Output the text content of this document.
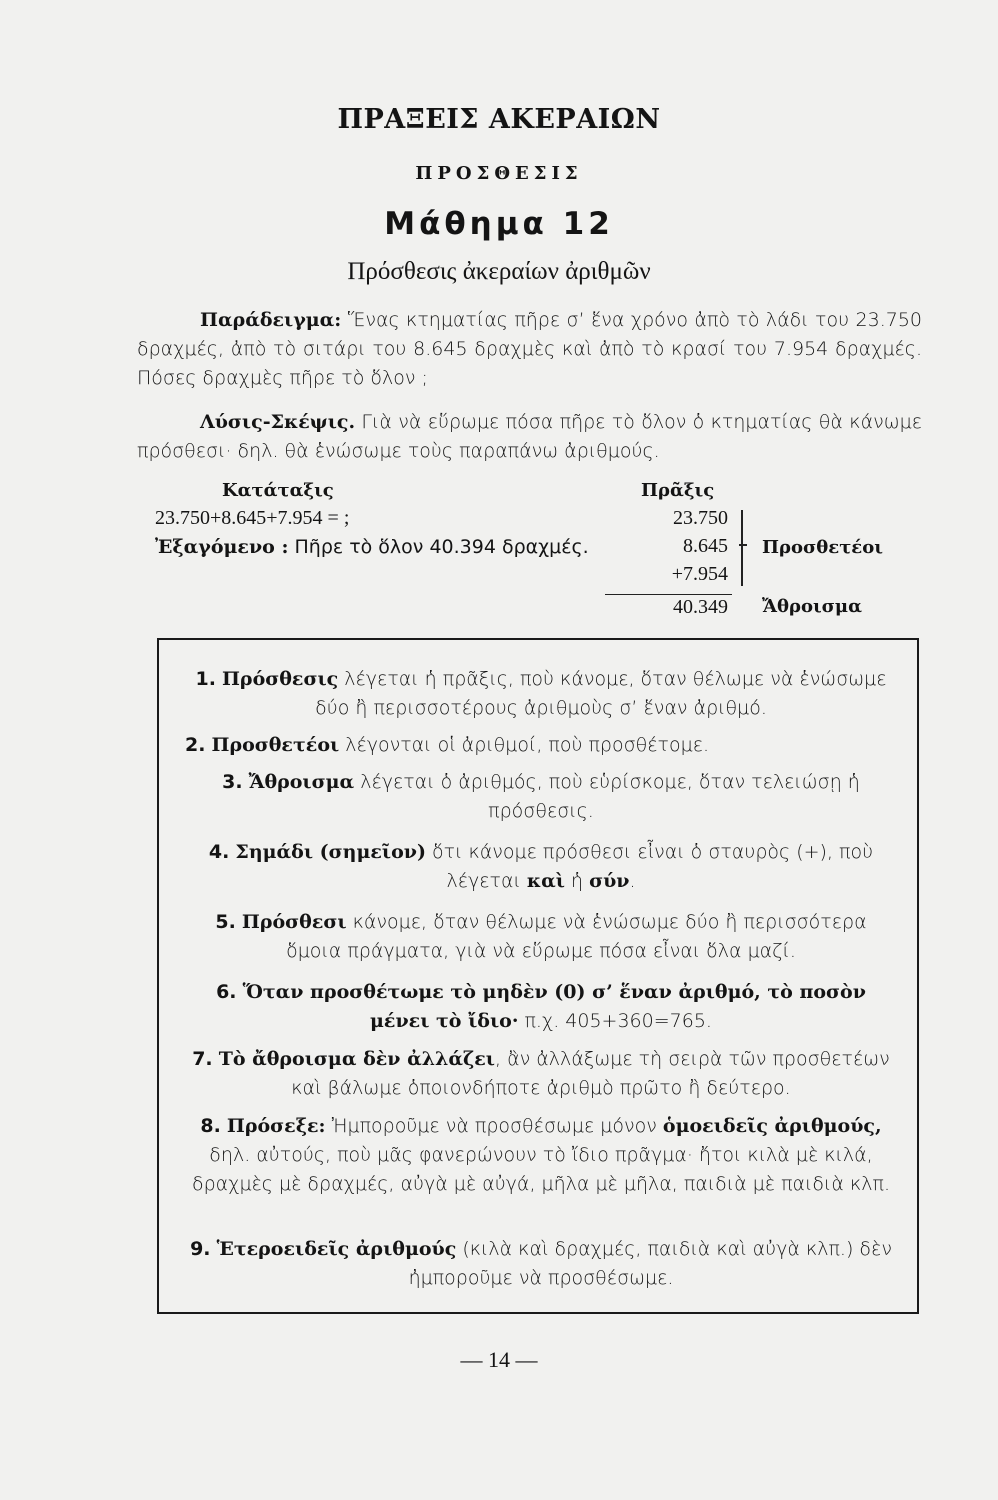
ΠΡΑΞΕΙΣ ΑΚΕΡΑΙΩΝ
ΠΡΟΣΘΕΣΙΣ
Μάθημα 12
Πρόσθεσις ἀκεραίων ἀριθμῶν
Παράδειγμα: Ἕνας κτηματίας πῆρε σ’ ἕνα χρόνο ἀπὸ τὸ λάδι του 23.750 δραχμές, ἀπὸ τὸ σιτάρι του 8.645 δραχμὲς καὶ ἀπὸ τὸ κρασί του 7.954 δραχμές. Πόσες δραχμὲς πῆρε τὸ ὅλον ;
Λύσις-Σκέψις. Γιὰ νὰ εὕρωμε πόσα πῆρε τὸ ὅλον ὁ κτηματίας θὰ κάνωμε πρόσθεσι· δηλ. θὰ ἑνώσωμε τοὺς παραπάνω ἀριθμούς.
Κατάταξις
23.750+8.645+7.954 = ;
Ἐξαγόμενο : Πῆρε τὸ ὅλον 40.394 δραχμές.
Πρᾶξις
23.750
8.645
+7.954
40.349
Προσθετέοι
Ἄθροισμα
1. Πρόσθεσις λέγεται ἡ πρᾶξις, ποὺ κάνομε, ὅταν θέλωμε νὰ ἑνώσωμε δύο ἢ περισσοτέρους ἀριθμοὺς σ’ ἕναν ἀριθμό.
2. Προσθετέοι λέγονται οἱ ἀριθμοί, ποὺ προσθέτομε.
3. Ἄθροισμα λέγεται ὁ ἀριθμός, ποὺ εὑρίσκομε, ὅταν τελειώσῃ ἡ πρόσθεσις.
4. Σημάδι (σημεῖον) ὅτι κάνομε πρόσθεσι εἶναι ὁ σταυρὸς (+), ποὺ λέγεται καὶ ἡ σύν.
5. Πρόσθεσι κάνομε, ὅταν θέλωμε νὰ ἑνώσωμε δύο ἢ περισσότερα ὅμοια πράγματα, γιὰ νὰ εὕρωμε πόσα εἶναι ὅλα μαζί.
6. Ὅταν προσθέτωμε τὸ μηδὲν (0) σ’ ἕναν ἀριθμό, τὸ ποσὸν μένει τὸ ἴδιο· π.χ. 405+360=765.
7. Τὸ ἄθροισμα δὲν ἀλλάζει, ἂν ἀλλάξωμε τὴ σειρὰ τῶν προσθετέων καὶ βάλωμε ὁποιονδήποτε ἀριθμὸ πρῶτο ἢ δεύτερο.
8. Πρόσεξε: Ἠμποροῦμε νὰ προσθέσωμε μόνον ὁμοειδεῖς ἀριθμούς, δηλ. αὐτούς, ποὺ μᾶς φανερώνουν τὸ ἴδιο πρᾶγμα· ἤτοι κιλὰ μὲ κιλά, δραχμὲς μὲ δραχμές, αὐγὰ μὲ αὐγά, μῆλα μὲ μῆλα, παιδιὰ μὲ παιδιὰ κλπ.
9. Ἑτεροειδεῖς ἀριθμούς (κιλὰ καὶ δραχμές, παιδιὰ καὶ αὐγὰ κλπ.) δὲν ἠμποροῦμε νὰ προσθέσωμε.
— 14 —
